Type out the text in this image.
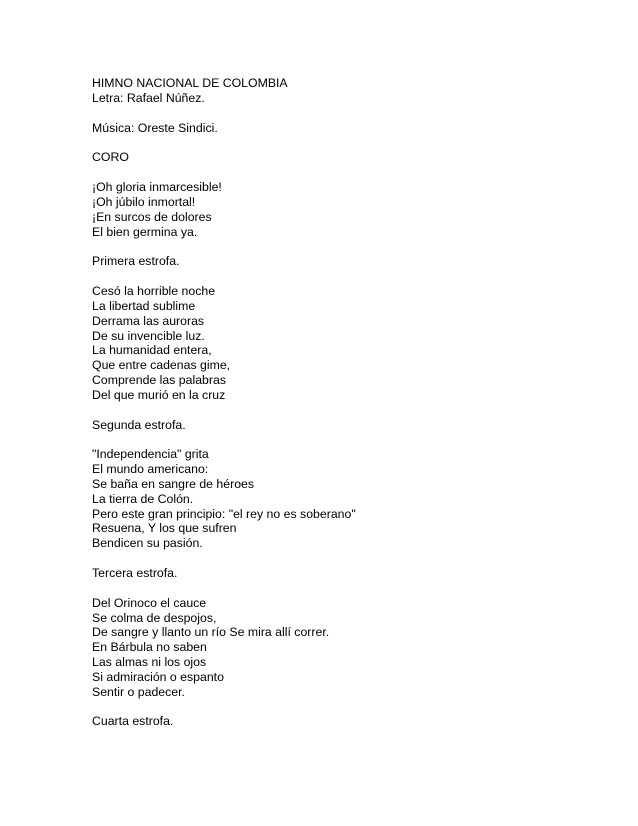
HIMNO NACIONAL DE COLOMBIA
Letra: Rafael Núñez.
Música: Oreste Sindici.
CORO
¡Oh gloria inmarcesible!
¡Oh júbilo inmortal!
¡En surcos de dolores
El bien germina ya.
Primera estrofa.
Cesó la horrible noche
La libertad sublime
Derrama las auroras
De su invencible luz.
La humanidad entera,
Que entre cadenas gime,
Comprende las palabras
Del que murió en la cruz
Segunda estrofa.
"Independencia" grita
El mundo americano:
Se baña en sangre de héroes
La tierra de Colón.
Pero este gran principio: "el rey no es soberano"
Resuena, Y los que sufren
Bendicen su pasión.
Tercera estrofa.
Del Orinoco el cauce
Se colma de despojos,
De sangre y llanto un río Se mira allí correr.
En Bárbula no saben
Las almas ni los ojos
Si admiración o espanto
Sentir o padecer.
Cuarta estrofa.
